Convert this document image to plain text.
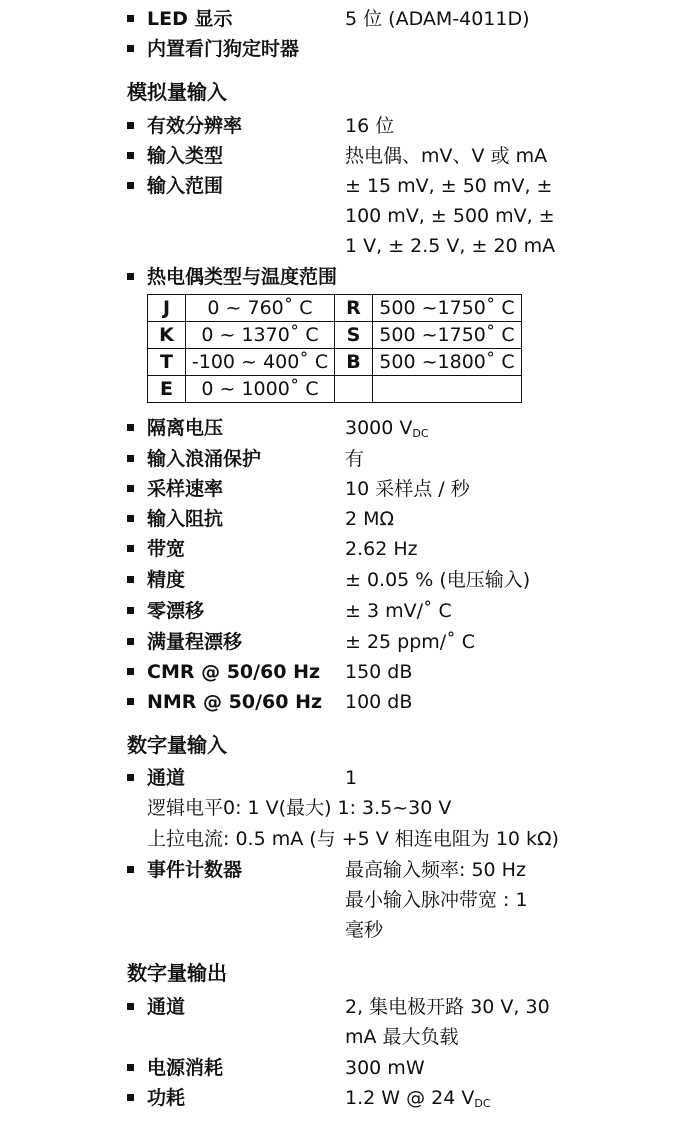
LED 显示	5 位 (ADAM-4011D)
内置看门狗定时器
模拟量输入
有效分辨率	16 位
输入类型	热电偶、mV、V 或 mA
输入范围	± 15 mV, ± 50 mV, ±
100 mV, ± 500 mV, ±
1 V, ± 2.5 V, ± 20 mA
热电偶类型与温度范围
J	0 ~ 760˚ C	R	500 ~1750˚ C
K	0 ~ 1370˚ C	S	500 ~1750˚ C
T	-100 ~ 400˚ C	B	500 ~1800˚ C
E	0 ~ 1000˚ C		
隔离电压	3000 $V_{DC}$
输入浪涌保护	有
采样速率	10 采样点 / 秒
输入阻抗	2 MΩ
带宽	2.62 Hz
精度	± 0.05 % (电压输入)
零漂移	± 3 mV/˚ C
满量程漂移	± 25 ppm/˚ C
CMR @ 50/60 Hz 150 dB
NMR @ 50/60 Hz 100 dB
数字量输入
通道	1
逻辑电平0: 1 V(最大) 1: 3.5~30 V
上拉电流: 0.5 mA (与 +5 V 相连电阻为 10 kΩ)
事件计数器	最高输入频率: 50 Hz
最小输入脉冲带宽 : 1
毫秒
数字量输出
通道	2, 集电极开路 30 V, 30
mA 最大负载
电源消耗	300 mW
功耗	1.2 W @ 24 $V_{DC}$
